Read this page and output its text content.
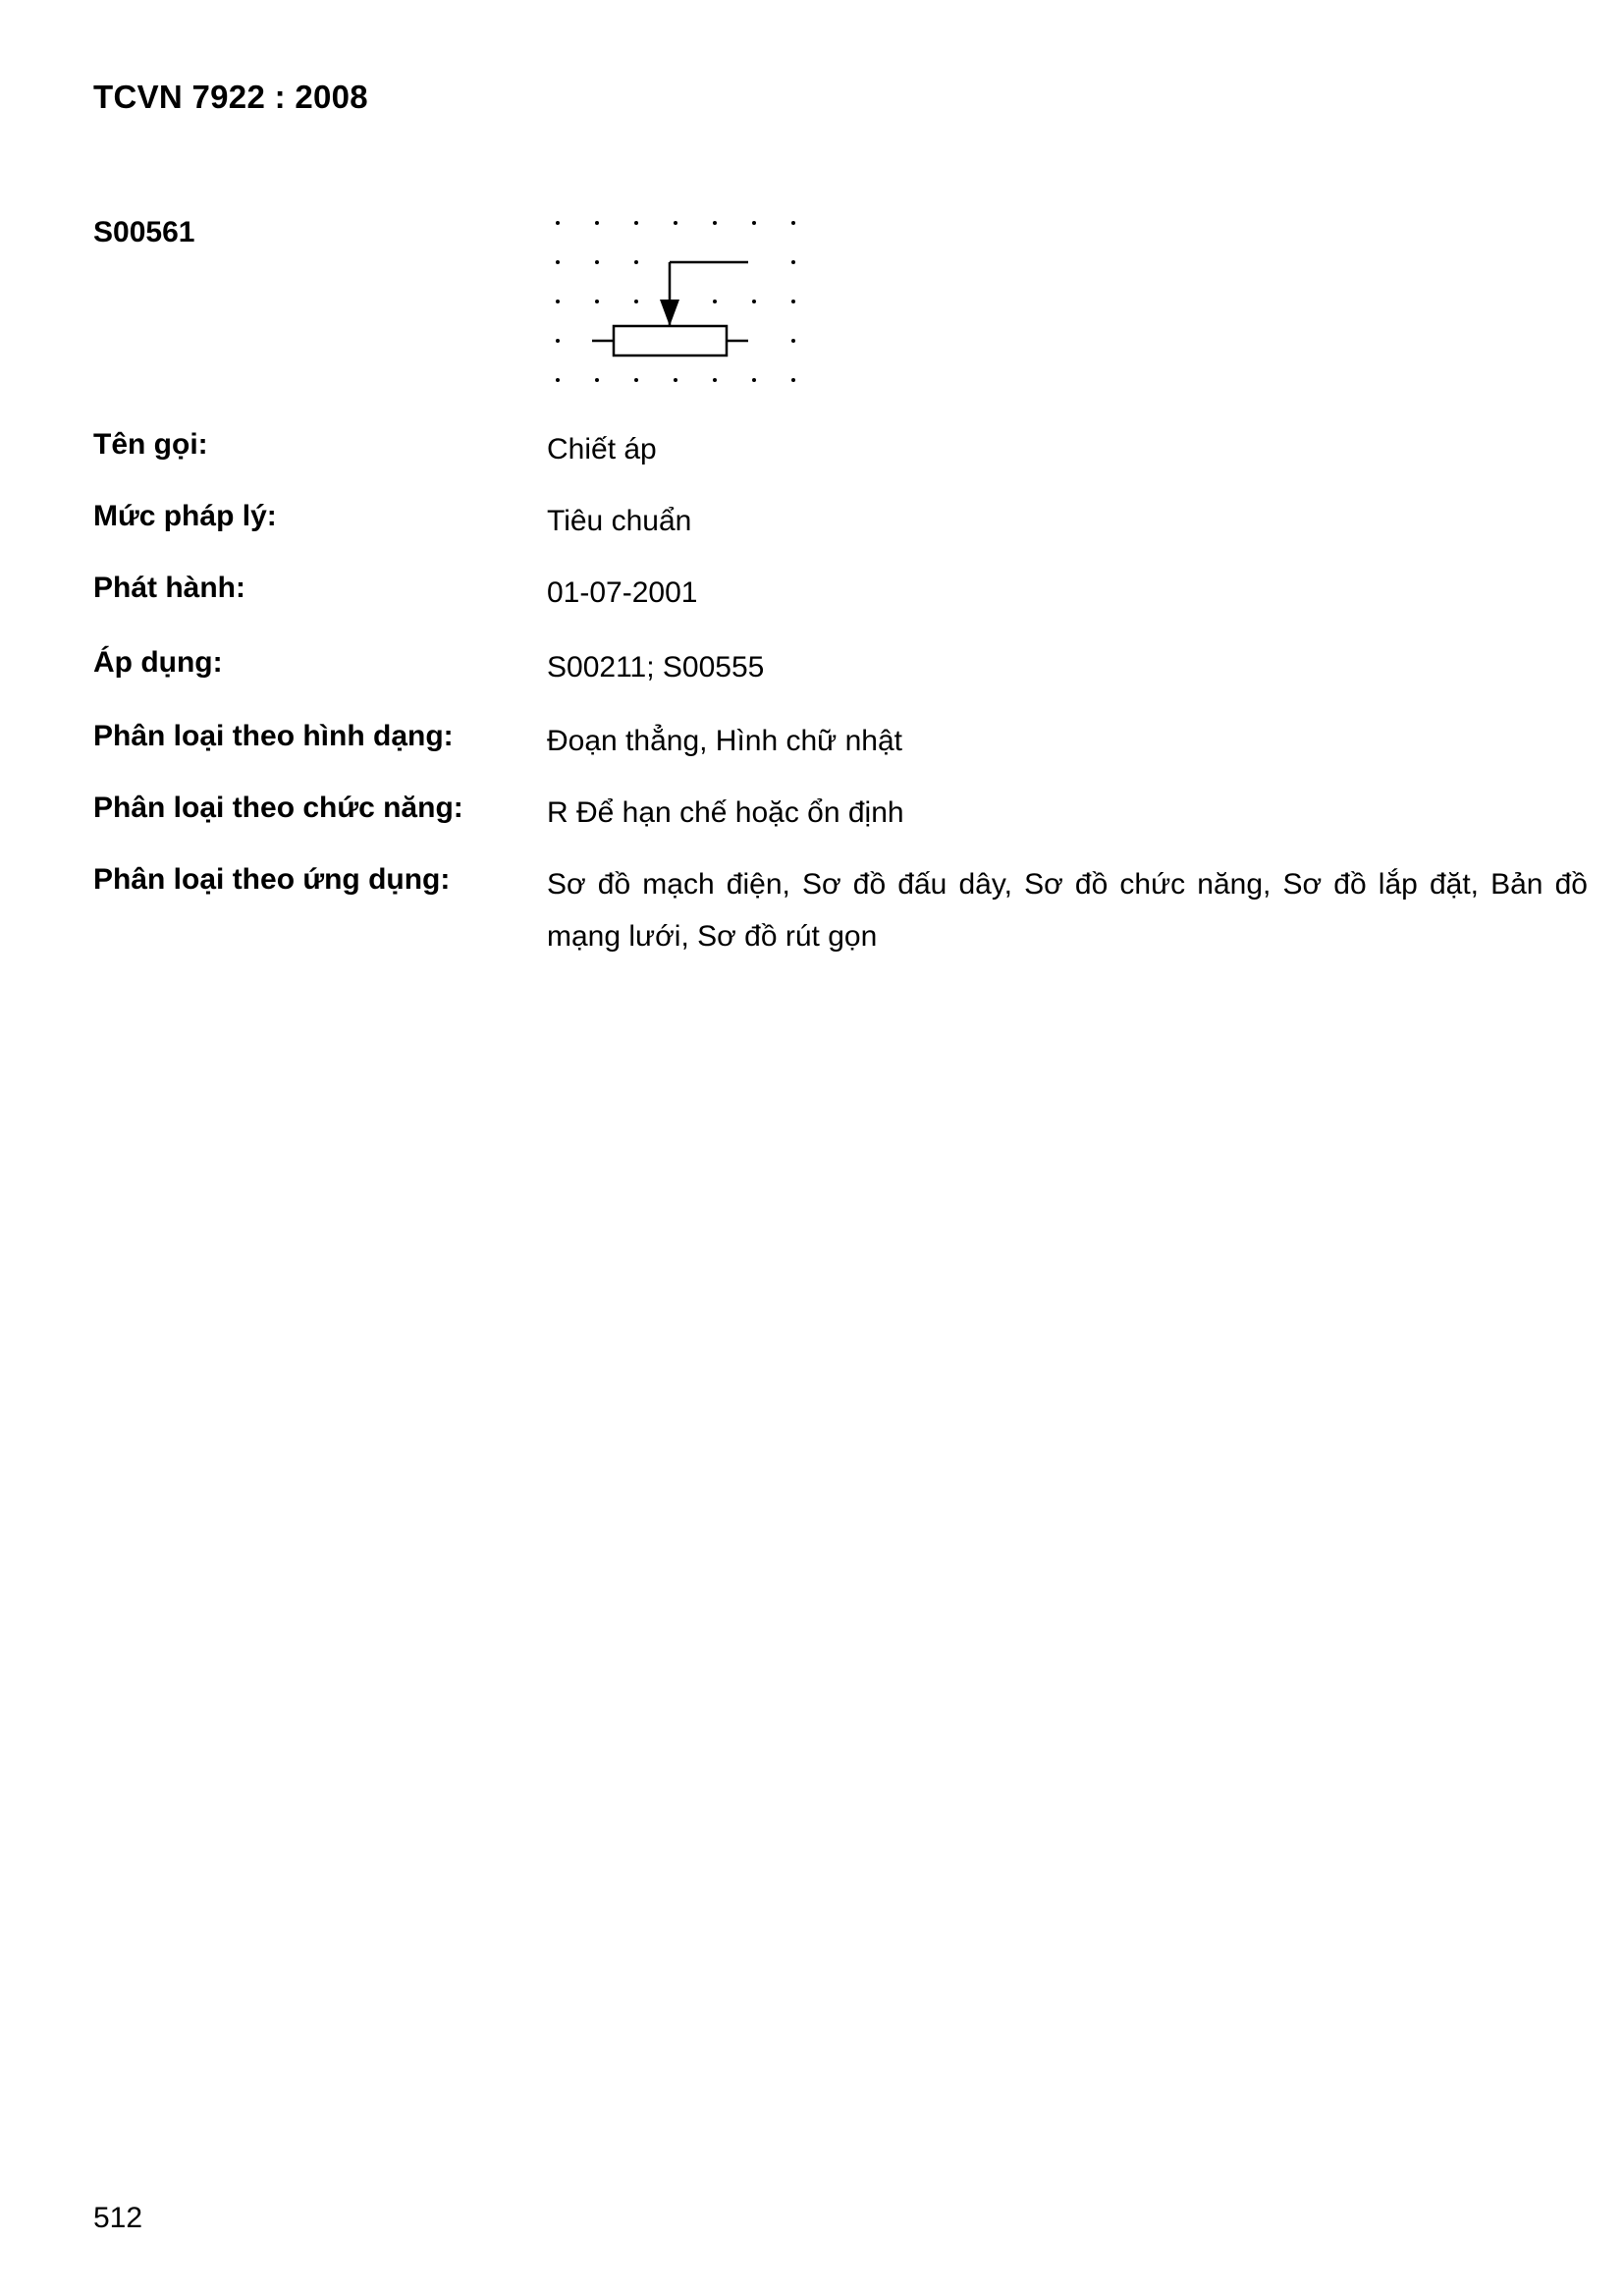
TCVN 7922 : 2008
S00561
Tên gọi:	Chiết áp
Mức pháp lý:	Tiêu chuẩn
Phát hành:	01-07-2001
Áp dụng:	S00211; S00555
Phân loại theo hình dạng:	Đoạn thẳng, Hình chữ nhật
Phân loại theo chức năng:	R Để hạn chế hoặc ổn định
Phân loại theo ứng dụng:	Sơ đồ mạch điện, Sơ đồ đấu dây, Sơ đồ chức năng, Sơ đồ lắp đặt, Bản đồ mạng lưới, Sơ đồ rút gọn
512
